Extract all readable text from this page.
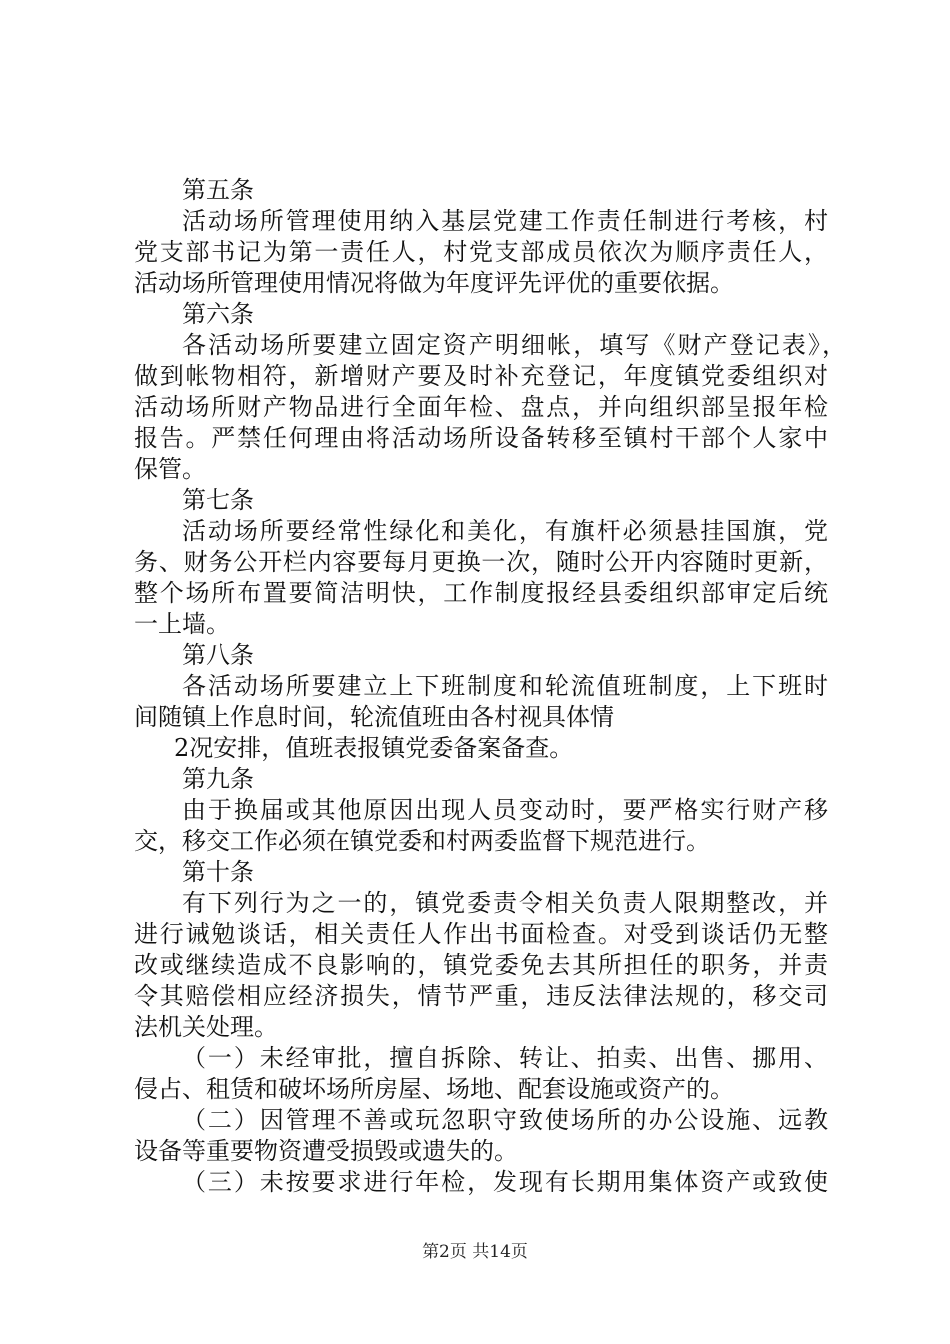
第五条
活动场所管理使用纳入基层党建工作责任制进行考核，村
党支部书记为第一责任人，村党支部成员依次为顺序责任人，
活动场所管理使用情况将做为年度评先评优的重要依据。
第六条
各活动场所要建立固定资产明细帐，填写《财产登记表》，
做到帐物相符，新增财产要及时补充登记，年度镇党委组织对
活动场所财产物品进行全面年检、盘点，并向组织部呈报年检
报告。严禁任何理由将活动场所设备转移至镇村干部个人家中
保管。
第七条
活动场所要经常性绿化和美化，有旗杆必须悬挂国旗，党
务、财务公开栏内容要每月更换一次，随时公开内容随时更新，
整个场所布置要简洁明快，工作制度报经县委组织部审定后统
一上墙。
第八条
各活动场所要建立上下班制度和轮流值班制度，上下班时
间随镇上作息时间，轮流值班由各村视具体情
2况安排，值班表报镇党委备案备查。
第九条
由于换届或其他原因出现人员变动时，要严格实行财产移
交，移交工作必须在镇党委和村两委监督下规范进行。
第十条
有下列行为之一的，镇党委责令相关负责人限期整改，并
进行诫勉谈话，相关责任人作出书面检查。对受到谈话仍无整
改或继续造成不良影响的，镇党委免去其所担任的职务，并责
令其赔偿相应经济损失，情节严重，违反法律法规的，移交司
法机关处理。
（一）未经审批，擅自拆除、转让、拍卖、出售、挪用、
侵占、租赁和破坏场所房屋、场地、配套设施或资产的。
（二）因管理不善或玩忽职守致使场所的办公设施、远教
设备等重要物资遭受损毁或遗失的。
（三）未按要求进行年检，发现有长期用集体资产或致使
第2页 共14页
